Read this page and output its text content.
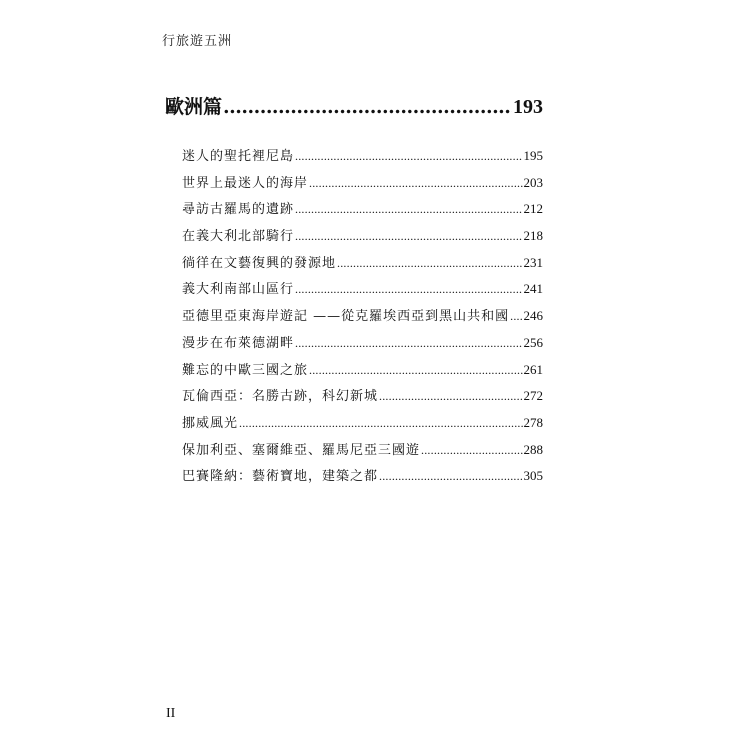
行旅遊五洲
歐洲篇 .....	193
迷人的聖托裡尼島 .....	195
世界上最迷人的海岸 .....	203
尋訪古羅馬的遺跡 .....	212
在義大利北部騎行 .....	218
徜徉在文藝復興的發源地 .....	231
義大利南部山區行 .....	241
亞德里亞東海岸遊記 ——從克羅埃西亞到黑山共和國 ..... 246
漫步在布萊德湖畔 .....	256
難忘的中歐三國之旅 .....	261
瓦倫西亞：名勝古跡，科幻新城 .....	272
挪威風光 .....	278
保加利亞、塞爾維亞、羅馬尼亞三國遊 .....	288
巴賽隆納：藝術寶地，建築之都 .....	305
II
